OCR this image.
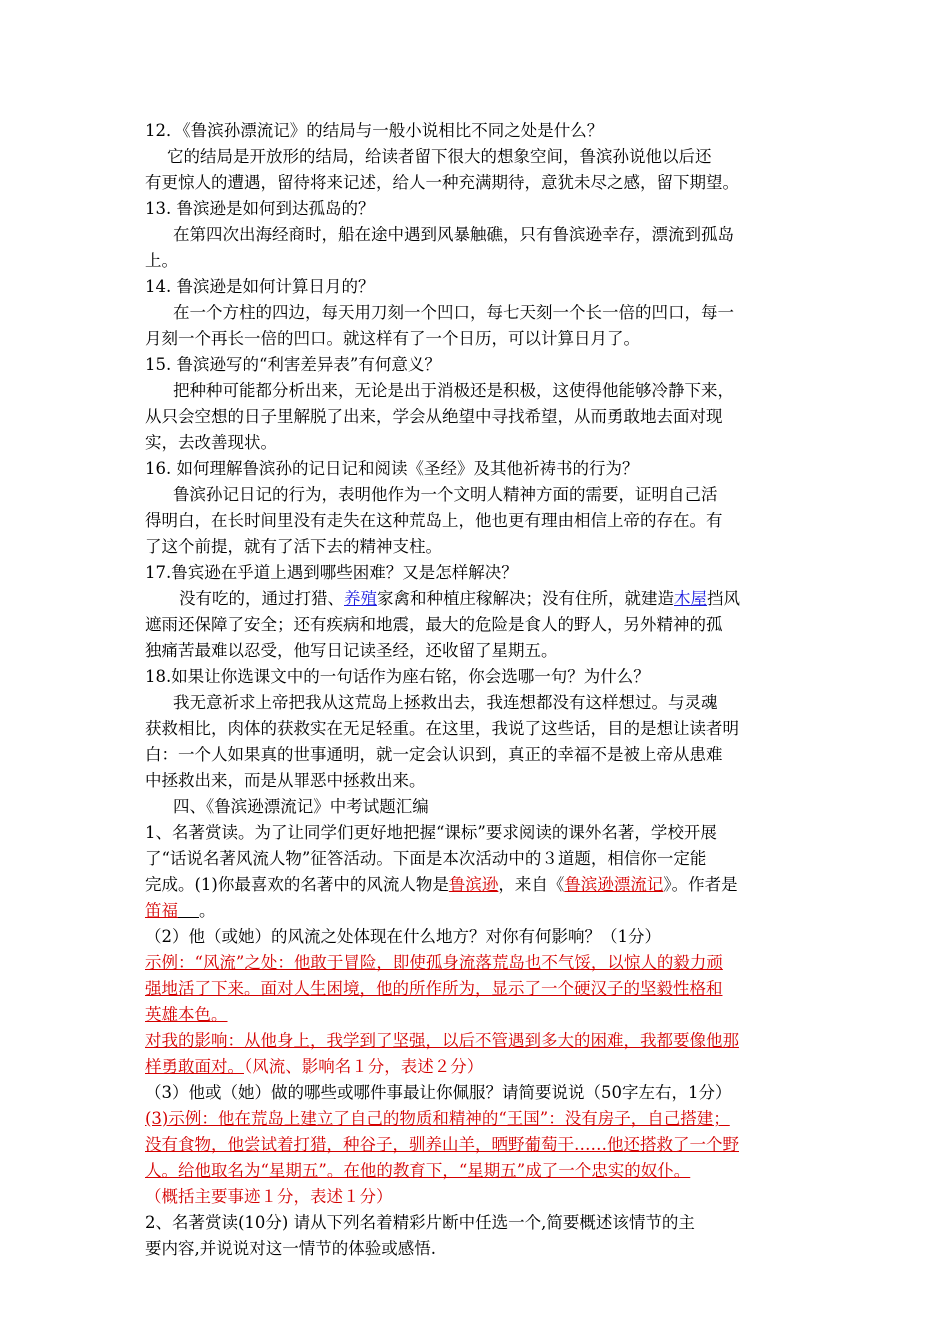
12．《鲁滨孙漂流记》的结局与一般小说相比不同之处是什么？
它的结局是开放形的结局，给读者留下很大的想象空间，鲁滨孙说他以后还
有更惊人的遭遇，留待将来记述，给人一种充满期待，意犹未尽之感，留下期望。
13. 鲁滨逊是如何到达孤岛的？
在第四次出海经商时，船在途中遇到风暴触礁，只有鲁滨逊幸存，漂流到孤岛
上。
14. 鲁滨逊是如何计算日月的？
在一个方柱的四边，每天用刀刻一个凹口，每七天刻一个长一倍的凹口，每一
月刻一个再长一倍的凹口。就这样有了一个日历，可以计算日月了。
15. 鲁滨逊写的“利害差异表”有何意义？
把种种可能都分析出来，无论是出于消极还是积极，这使得他能够冷静下来，
从只会空想的日子里解脱了出来，学会从绝望中寻找希望，从而勇敢地去面对现
实，去改善现状。
16. 如何理解鲁滨孙的记日记和阅读《圣经》及其他祈祷书的行为？
鲁滨孙记日记的行为，表明他作为一个文明人精神方面的需要，证明自己活
得明白，在长时间里没有走失在这种荒岛上，他也更有理由相信上帝的存在。有
了这个前提，就有了活下去的精神支柱。
17.鲁宾逊在乎道上遇到哪些困难？又是怎样解决？
没有吃的，通过打猎、养殖家禽和种植庄稼解决；没有住所，就建造木屋挡风
遮雨还保障了安全；还有疾病和地震，最大的危险是食人的野人，另外精神的孤
独痛苦最难以忍受，他写日记读圣经，还收留了星期五。
18.如果让你选课文中的一句话作为座右铭，你会选哪一句？为什么？
我无意祈求上帝把我从这荒岛上拯救出去，我连想都没有这样想过。与灵魂
获救相比，肉体的获救实在无足轻重。在这里，我说了这些话，目的是想让读者明
白：一个人如果真的世事通明，就一定会认识到，真正的幸福不是被上帝从患难
中拯救出来，而是从罪恶中拯救出来。
四、《鲁滨逊漂流记》中考试题汇编
1、名著赏读。为了让同学们更好地把握“课标”要求阅读的课外名著，学校开展
了“话说名著风流人物”征答活动。下面是本次活动中的３道题，相信你一定能
完成。(1)你最喜欢的名著中的风流人物是鲁滨逊，来自《鲁滨逊漂流记》。作者是
笛福 。
（2）他（或她）的风流之处体现在什么地方？对你有何影响？（1分）
示例：“风流”之处：他敢于冒险，即使孤身流落荒岛也不气馁，以惊人的毅力顽
强地活了下来。面对人生困境，他的所作所为，显示了一个硬汉子的坚毅性格和
英雄本色。
对我的影响：从他身上，我学到了坚强，以后不管遇到多大的困难，我都要像他那
样勇敢面对。（风流、影响名１分，表述２分）
（3）他或（她）做的哪些或哪件事最让你佩服？请简要说说（50字左右，1分）
(3)示例：他在荒岛上建立了自己的物质和精神的“王国”：没有房子，自己搭建；
没有食物，他尝试着打猎，种谷子，驯养山羊，晒野葡萄干……他还搭救了一个野
人。给他取名为“星期五”。在他的教育下，“星期五”成了一个忠实的奴仆。
（概括主要事迹１分，表述１分）
2、名著赏读(10分) 请从下列名着精彩片断中任选一个,简要概述该情节的主
要内容,并说说对这一情节的体验或感悟.
